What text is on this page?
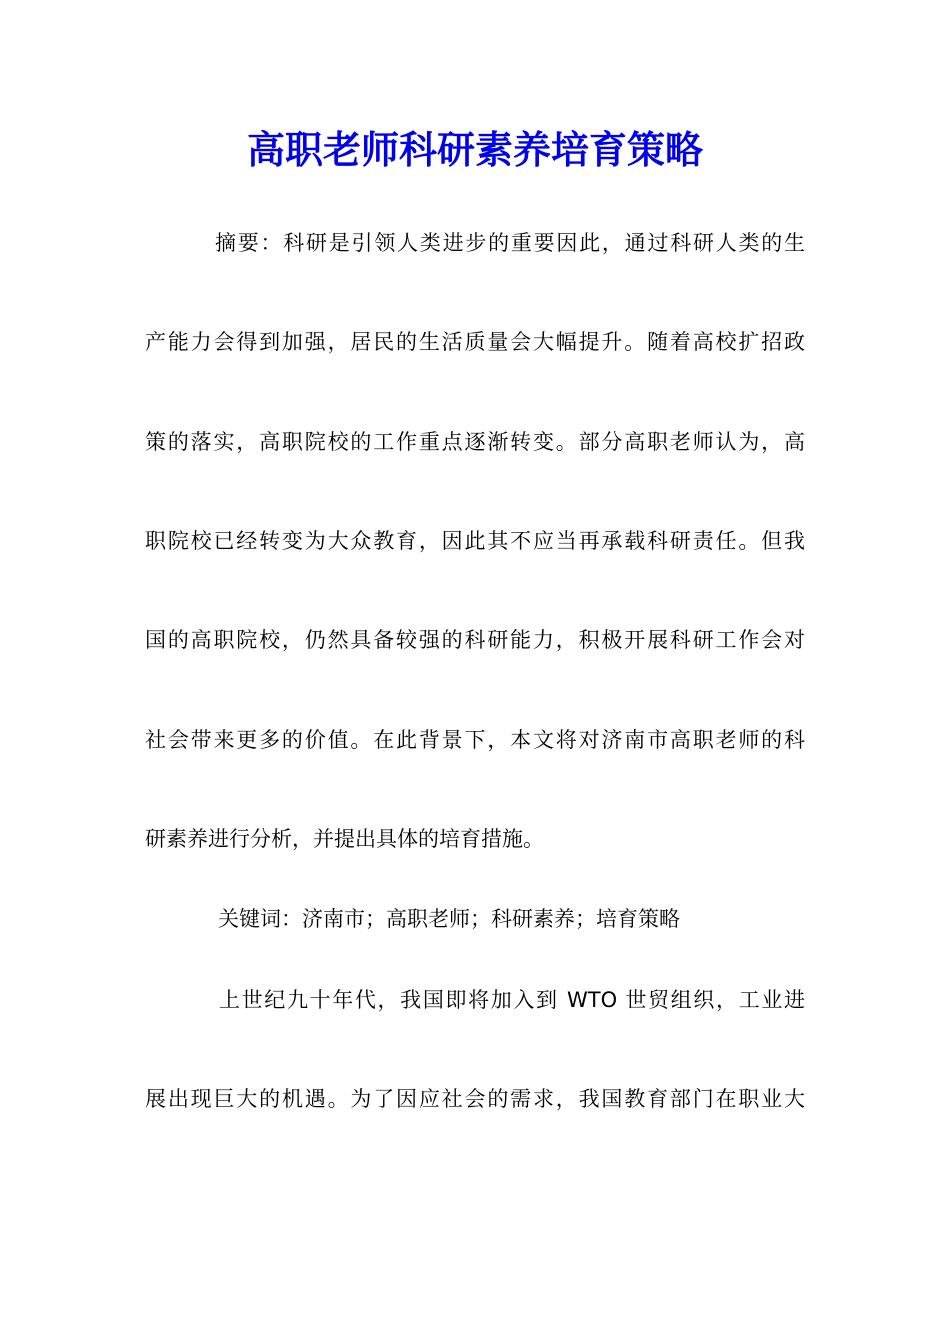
高职老师科研素养培育策略

摘要：科研是引领人类进步的重要因此，通过科研人类的生

产能力会得到加强，居民的生活质量会大幅提升。随着高校扩招政

策的落实，高职院校的工作重点逐渐转变。部分高职老师认为，高

职院校已经转变为大众教育，因此其不应当再承载科研责任。但我

国的高职院校，仍然具备较强的科研能力，积极开展科研工作会对

社会带来更多的价值。在此背景下，本文将对济南市高职老师的科

研素养进行分析，并提出具体的培育措施。

关键词：济南市；高职老师；科研素养；培育策略

上世纪九十年代，我国即将加入到 WTO 世贸组织，工业进

展出现巨大的机遇。为了因应社会的需求，我国教育部门在职业大
